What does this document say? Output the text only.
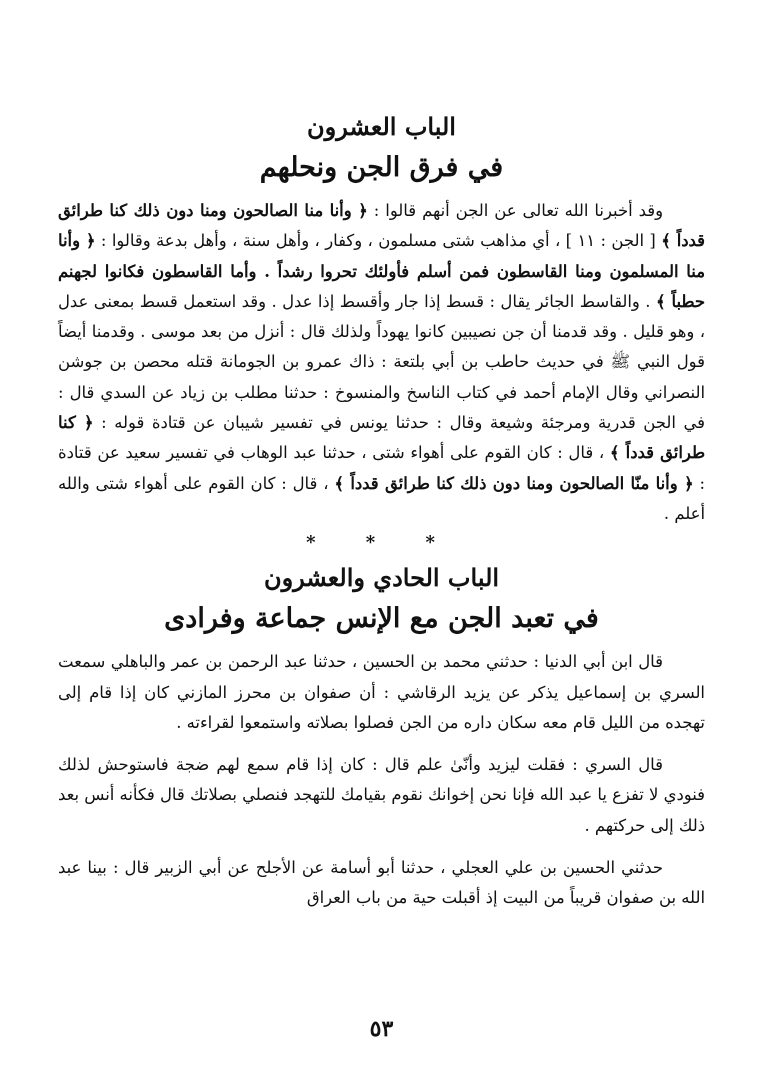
الباب العشرون
في فرق الجن ونحلهم

وقد أخبرنا الله تعالى عن الجن أنهم قالوا : ﴿ وأنا منا الصالحون ومنا دون ذلك كنا طرائق قدداً ﴾ [ الجن : ١١ ] ، أي مذاهب شتى مسلمون ، وكفار ، وأهل سنة ، وأهل بدعة وقالوا : ﴿ وأنا منا المسلمون ومنا القاسطون فمن أسلم فأولئك تحروا رشداً . وأما القاسطون فكانوا لجهنم حطباً ﴾ . والقاسط الجائر يقال : قسط إذا جار وأقسط إذا عدل . وقد استعمل قسط بمعنى عدل ، وهو قليل . وقد قدمنا أن جن نصيبين كانوا يهوداً ولذلك قال : أنزل من بعد موسى . وقدمنا أيضاً قول النبي ﷺ في حديث حاطب بن أبي بلتعة : ذاك عمرو بن الجومانة قتله محصن بن جوشن النصراني وقال الإمام أحمد في كتاب الناسخ والمنسوخ : حدثنا مطلب بن زياد عن السدي قال : في الجن قدرية ومرجئة وشيعة وقال : حدثنا يونس في تفسير شيبان عن قتادة قوله : ﴿ كنا طرائق قدداً ﴾ ، قال : كان القوم على أهواء شتى ، حدثنا عبد الوهاب في تفسير سعيد عن قتادة : ﴿ وأنا منّا الصالحون ومنا دون ذلك كنا طرائق قدداً ﴾ ، قال : كان القوم على أهواء شتى والله أعلم .

* * *
الباب الحادي والعشرون
في تعبد الجن مع الإنس جماعة وفرادى

قال ابن أبي الدنيا : حدثني محمد بن الحسين ، حدثنا عبد الرحمن بن عمر والباهلي سمعت السري بن إسماعيل يذكر عن يزيد الرقاشي : أن صفوان بن محرز المازني كان إذا قام إلى تهجده من الليل قام معه سكان داره من الجن فصلوا بصلاته واستمعوا لقراءته .

قال السري : فقلت ليزيد وأنّىٰ علم قال : كان إذا قام سمع لهم ضجة فاستوحش لذلك فنودي لا تفزع يا عبد الله فإنا نحن إخوانك نقوم بقيامك للتهجد فنصلي بصلاتك قال فكأنه أنس بعد ذلك إلى حركتهم .

حدثني الحسين بن علي العجلي ، حدثنا أبو أسامة عن الأجلح عن أبي الزبير قال : بينا عبد الله بن صفوان قريباً من البيت إذ أقبلت حية من باب العراق

٥٣
